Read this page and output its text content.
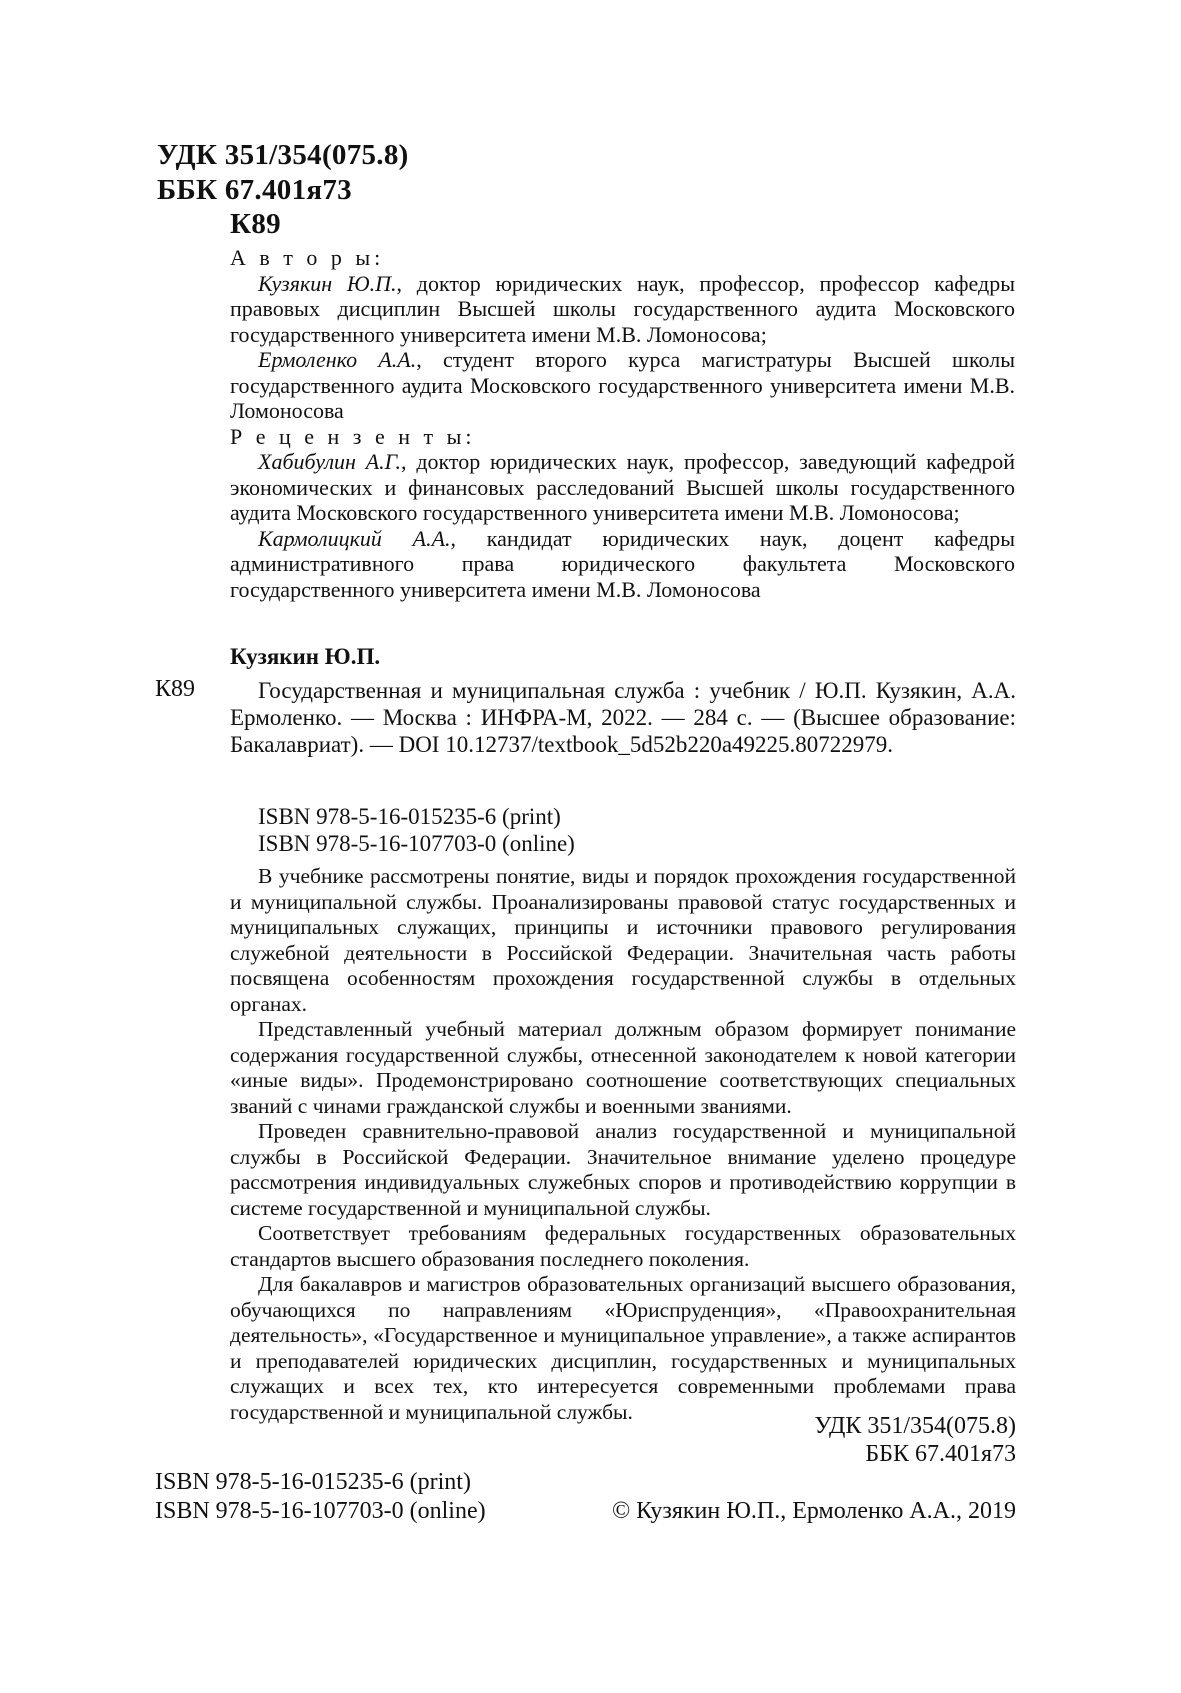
УДК 351/354(075.8)
ББК 67.401я73
К89

А в т о р ы:

Кузякин Ю.П., доктор юридических наук, профессор, профессор кафедры правовых дисциплин Высшей школы государственного аудита Московского государственного университета имени М.В. Ломоносова;

Ермоленко А.А., студент второго курса магистратуры Высшей школы государственного аудита Московского государственного университета имени М.В. Ломоносова

Р е ц е н з е н т ы:

Хабибулин А.Г., доктор юридических наук, профессор, заведующий кафедрой экономических и финансовых расследований Высшей школы государственного аудита Московского государственного университета имени М.В. Ломоносова;

Кармолицкий А.А., кандидат юридических наук, доцент кафедры административного права юридического факультета Московского государственного университета имени М.В. Ломоносова

Кузякин Ю.П.
К89	Государственная и муниципальная служба : учебник / Ю.П. Кузякин, А.А. Ермоленко. — Москва : ИНФРА-М, 2022. — 284 с. — (Высшее образование: Бакалавриат). — DOI 10.12737/textbook_5d52b220a49225.80722979.

ISBN 978-5-16-015235-6 (print)
ISBN 978-5-16-107703-0 (online)

В учебнике рассмотрены понятие, виды и порядок прохождения государственной и муниципальной службы. Проанализированы правовой статус государственных и муниципальных служащих, принципы и источники правового регулирования служебной деятельности в Российской Федерации. Значительная часть работы посвящена особенностям прохождения государственной службы в отдельных органах.

Представленный учебный материал должным образом формирует понимание содержания государственной службы, отнесенной законодателем к новой категории «иные виды». Продемонстрировано соотношение соответствующих специальных званий с чинами гражданской службы и военными званиями.

Проведен сравнительно-правовой анализ государственной и муниципальной службы в Российской Федерации. Значительное внимание уделено процедуре рассмотрения индивидуальных служебных споров и противодействию коррупции в системе государственной и муниципальной службы.

Соответствует требованиям федеральных государственных образовательных стандартов высшего образования последнего поколения.

Для бакалавров и магистров образовательных организаций высшего образования, обучающихся по направлениям «Юриспруденция», «Правоохранительная деятельность», «Государственное и муниципальное управление», а также аспирантов и преподавателей юридических дисциплин, государственных и муниципальных служащих и всех тех, кто интересуется современными проблемами права государственной и муниципальной службы.

УДК 351/354(075.8)
ББК 67.401я73
ISBN 978-5-16-015235-6 (print)
ISBN 978-5-16-107703-0 (online)	© Кузякин Ю.П., Ермоленко А.А., 2019
